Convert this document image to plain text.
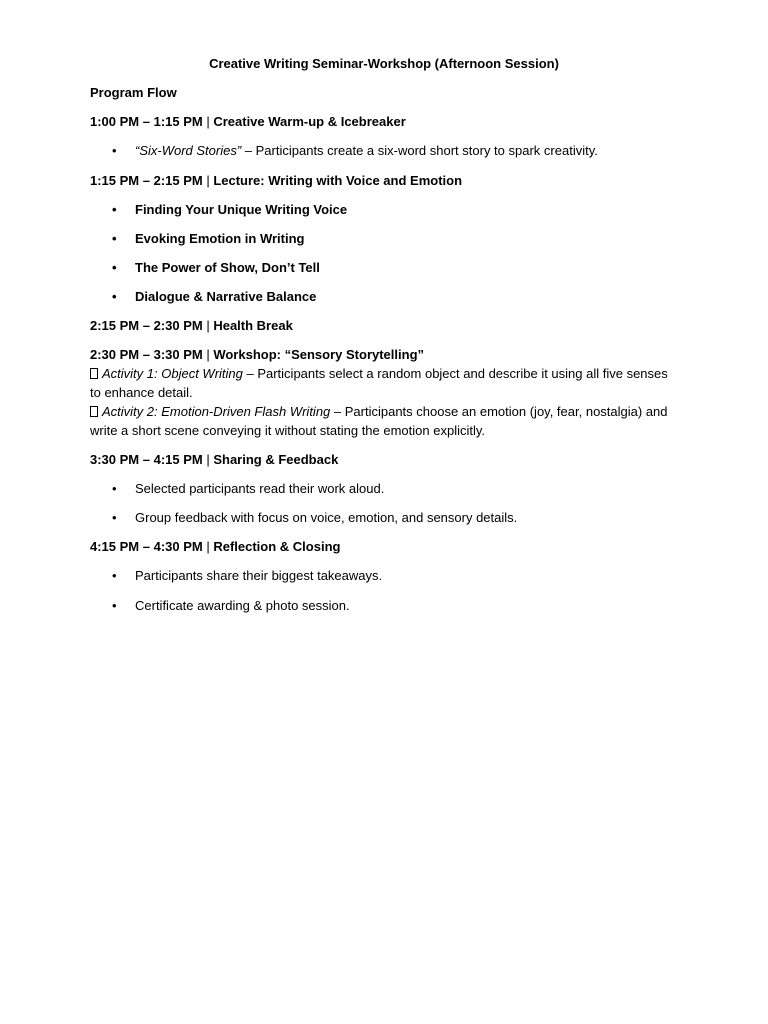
Creative Writing Seminar-Workshop (Afternoon Session)
Program Flow
1:00 PM – 1:15 PM | Creative Warm-up & Icebreaker
• “Six-Word Stories” – Participants create a six-word short story to spark creativity.
1:15 PM – 2:15 PM | Lecture: Writing with Voice and Emotion
• Finding Your Unique Writing Voice
• Evoking Emotion in Writing
• The Power of Show, Don’t Tell
• Dialogue & Narrative Balance
2:15 PM – 2:30 PM | Health Break
2:30 PM – 3:30 PM | Workshop: “Sensory Storytelling”
Activity 1: Object Writing – Participants select a random object and describe it using all five senses to enhance detail.
Activity 2: Emotion-Driven Flash Writing – Participants choose an emotion (joy, fear, nostalgia) and write a short scene conveying it without stating the emotion explicitly.
3:30 PM – 4:15 PM | Sharing & Feedback
• Selected participants read their work aloud.
• Group feedback with focus on voice, emotion, and sensory details.
4:15 PM – 4:30 PM | Reflection & Closing
• Participants share their biggest takeaways.
• Certificate awarding & photo session.
